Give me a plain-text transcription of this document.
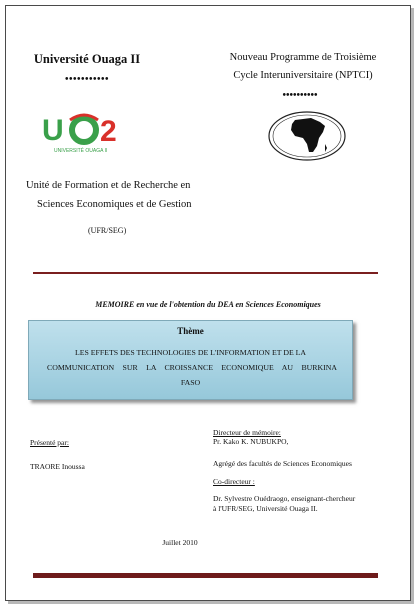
Université Ouaga II
•••••••••••
Nouveau Programme de Troisième
Cycle Interuniversitaire (NPTCI)
••••••••••
U 2
UNIVERSITÉ OUAGA II
Unité de Formation et de Recherche en
Sciences Economiques et de Gestion
(UFR/SEG)
MEMOIRE en vue de l'obtention du DEA en Sciences Economiques
Thème
LES EFFETS DES TECHNOLOGIES DE L'INFORMATION ET DE LA
COMMUNICATION SUR LA CROISSANCE ECONOMIQUE AU BURKINA
FASO
Présenté par:
TRAORE Inoussa
Directeur de mémoire:
Pr. Kako K. NUBUKPO,
Agrégé des facultés de Sciences Economiques
Co-directeur :
Dr. Sylvestre Ouédraogo, enseignant-chercheur
à l'UFR/SEG, Université Ouaga II.
Juillet 2010
